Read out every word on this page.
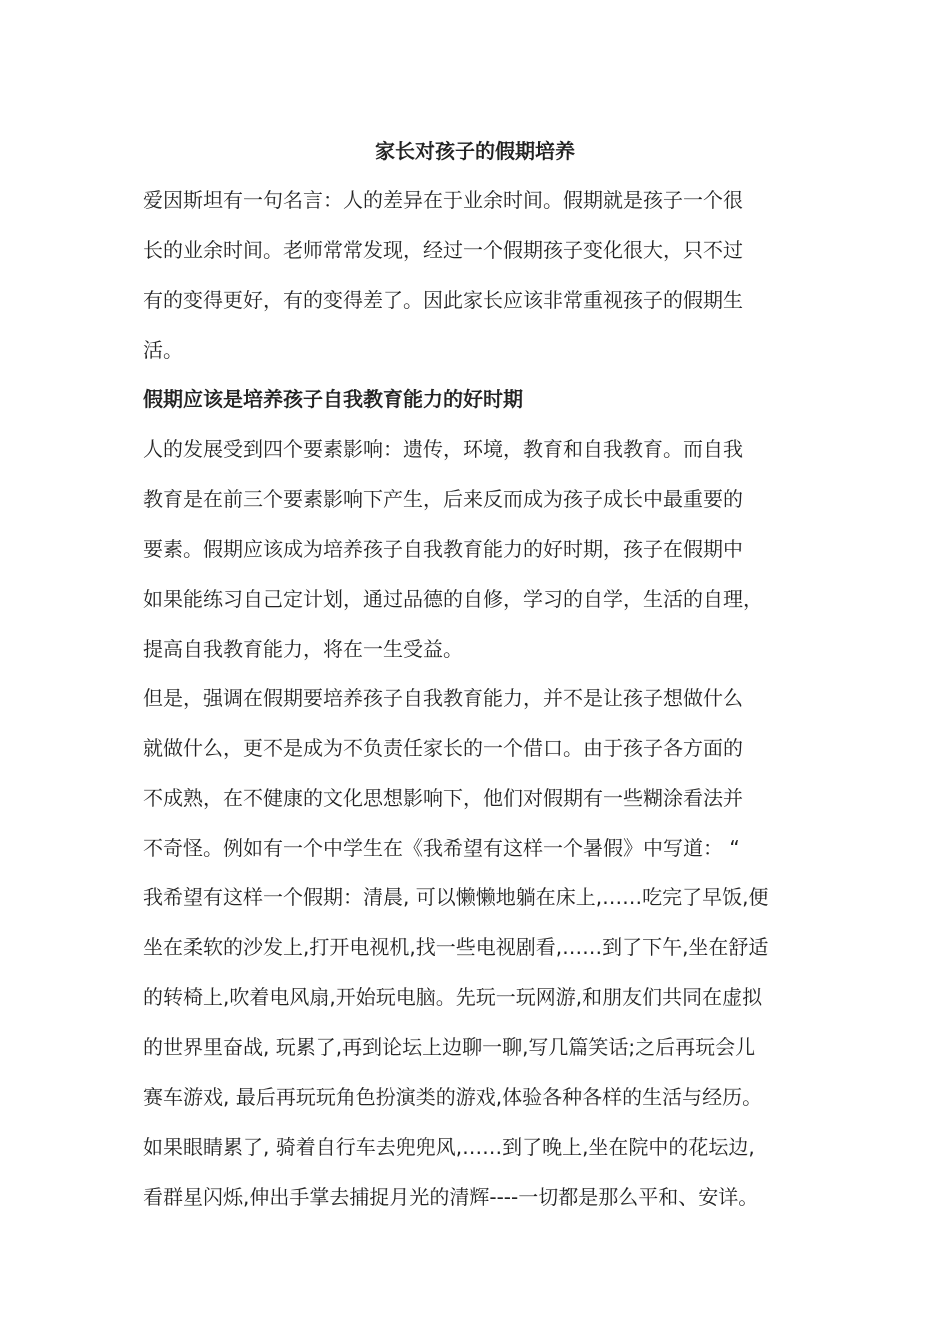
家长对孩子的假期培养
爱因斯坦有一句名言：人的差异在于业余时间。假期就是孩子一个很
长的业余时间。老师常常发现，经过一个假期孩子变化很大，只不过
有的变得更好，有的变得差了。因此家长应该非常重视孩子的假期生
活。
假期应该是培养孩子自我教育能力的好时期
人的发展受到四个要素影响：遗传，环境，教育和自我教育。而自我
教育是在前三个要素影响下产生，后来反而成为孩子成长中最重要的
要素。假期应该成为培养孩子自我教育能力的好时期，孩子在假期中
如果能练习自己定计划，通过品德的自修，学习的自学，生活的自理，
提高自我教育能力，将在一生受益。
但是，强调在假期要培养孩子自我教育能力，并不是让孩子想做什么
就做什么，更不是成为不负责任家长的一个借口。由于孩子各方面的
不成熟，在不健康的文化思想影响下，他们对假期有一些糊涂看法并
不奇怪。例如有一个中学生在《我希望有这样一个暑假》中写道： “
我希望有这样一个假期：清晨, 可以懒懒地躺在床上,……吃完了早饭,便
坐在柔软的沙发上,打开电视机,找一些电视剧看,……到了下午,坐在舒适
的转椅上,吹着电风扇,开始玩电脑。先玩一玩网游,和朋友们共同在虚拟
的世界里奋战, 玩累了,再到论坛上边聊一聊,写几篇笑话;之后再玩会儿
赛车游戏, 最后再玩玩角色扮演类的游戏,体验各种各样的生活与经历。
如果眼睛累了, 骑着自行车去兜兜风,……到了晚上,坐在院中的花坛边,
看群星闪烁,伸出手掌去捕捉月光的清辉----一切都是那么平和、安详。
